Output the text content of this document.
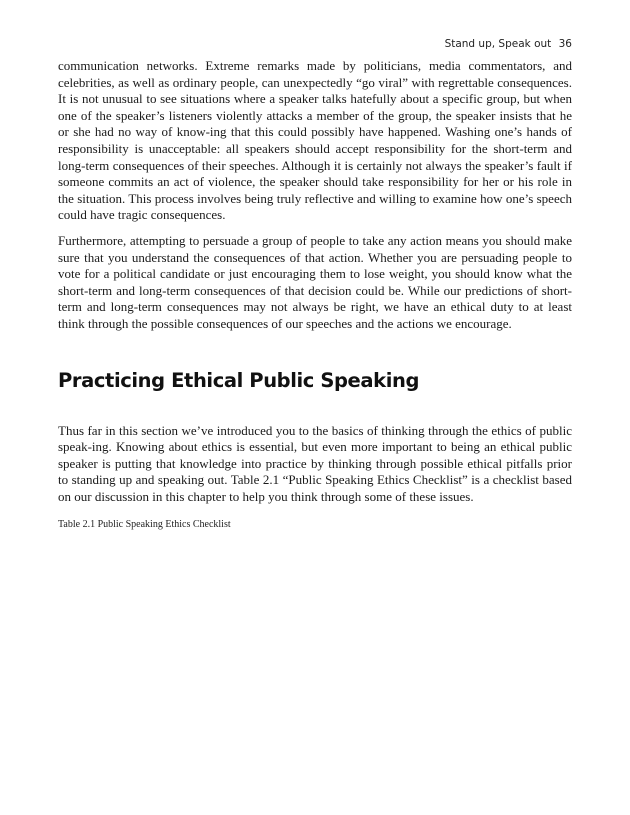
Stand up, Speak out 36

communication networks. Extreme remarks made by politicians, media commentators, and celebrities, as well as ordinary people, can unexpectedly “go viral” with regrettable consequences. It is not unusual to see situations where a speaker talks hatefully about a specific group, but when one of the speaker’s listeners violently attacks a member of the group, the speaker insists that he or she had no way of know-ing that this could possibly have happened. Washing one’s hands of responsibility is unacceptable: all speakers should accept responsibility for the short-term and long-term consequences of their speeches. Although it is certainly not always the speaker’s fault if someone commits an act of violence, the speaker should take responsibility for her or his role in the situation. This process involves being truly reflective and willing to examine how one’s speech could have tragic consequences.

Furthermore, attempting to persuade a group of people to take any action means you should make sure that you understand the consequences of that action. Whether you are persuading people to vote for a political candidate or just encouraging them to lose weight, you should know what the short-term and long-term consequences of that decision could be. While our predictions of short-term and long-term consequences may not always be right, we have an ethical duty to at least think through the possible consequences of our speeches and the actions we encourage.

Practicing Ethical Public Speaking

Thus far in this section we’ve introduced you to the basics of thinking through the ethics of public speak-ing. Knowing about ethics is essential, but even more important to being an ethical public speaker is putting that knowledge into practice by thinking through possible ethical pitfalls prior to standing up and speaking out. Table 2.1 “Public Speaking Ethics Checklist” is a checklist based on our discussion in this chapter to help you think through some of these issues.

Table 2.1 Public Speaking Ethics Checklist
